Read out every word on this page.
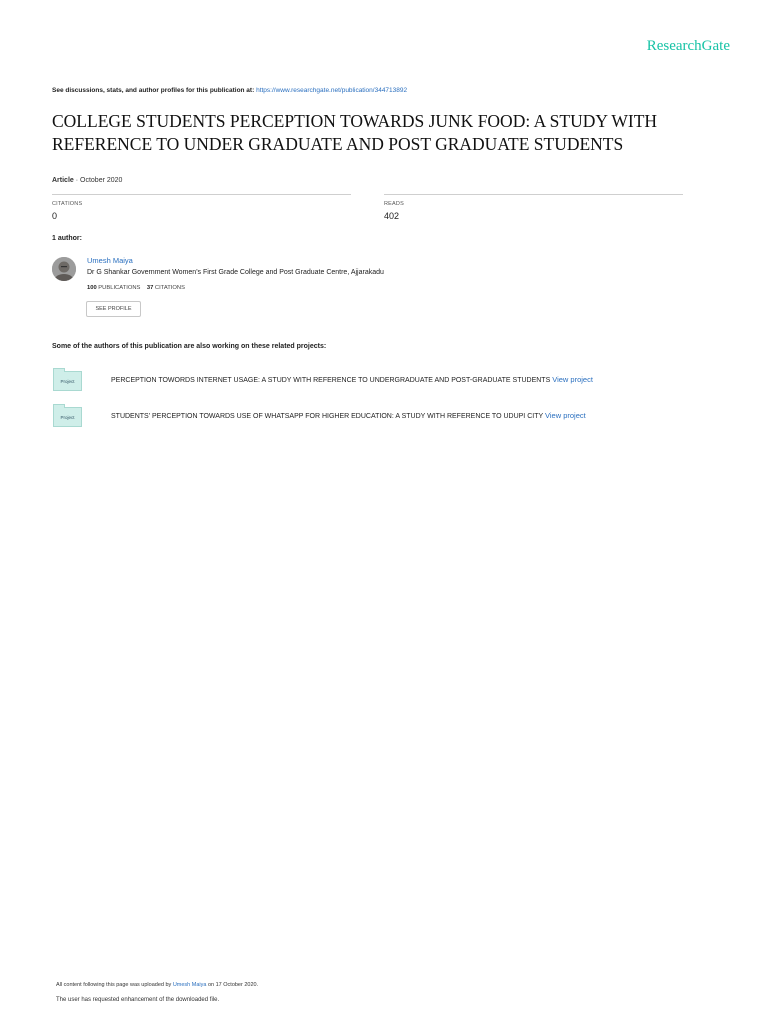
ResearchGate
See discussions, stats, and author profiles for this publication at: https://www.researchgate.net/publication/344713892
COLLEGE STUDENTS PERCEPTION TOWARDS JUNK FOOD: A STUDY WITH
REFERENCE TO UNDER GRADUATE AND POST GRADUATE STUDENTS
Article · October 2020
CITATIONS
0
READS
402
1 author:
Umesh Maiya
Dr G Shankar Government Women's First Grade College and Post Graduate Centre, Ajjarakadu
100 PUBLICATIONS 37 CITATIONS
SEE PROFILE
Some of the authors of this publication are also working on these related projects:
Project	PERCEPTION TOWORDS INTERNET USAGE: A STUDY WITH REFERENCE TO UNDERGRADUATE AND POST-GRADUATE STUDENTS View project
Project	STUDENTS' PERCEPTION TOWARDS USE OF WHATSAPP FOR HIGHER EDUCATION: A STUDY WITH REFERENCE TO UDUPI CITY View project
All content following this page was uploaded by Umesh Maiya on 17 October 2020.
The user has requested enhancement of the downloaded file.
